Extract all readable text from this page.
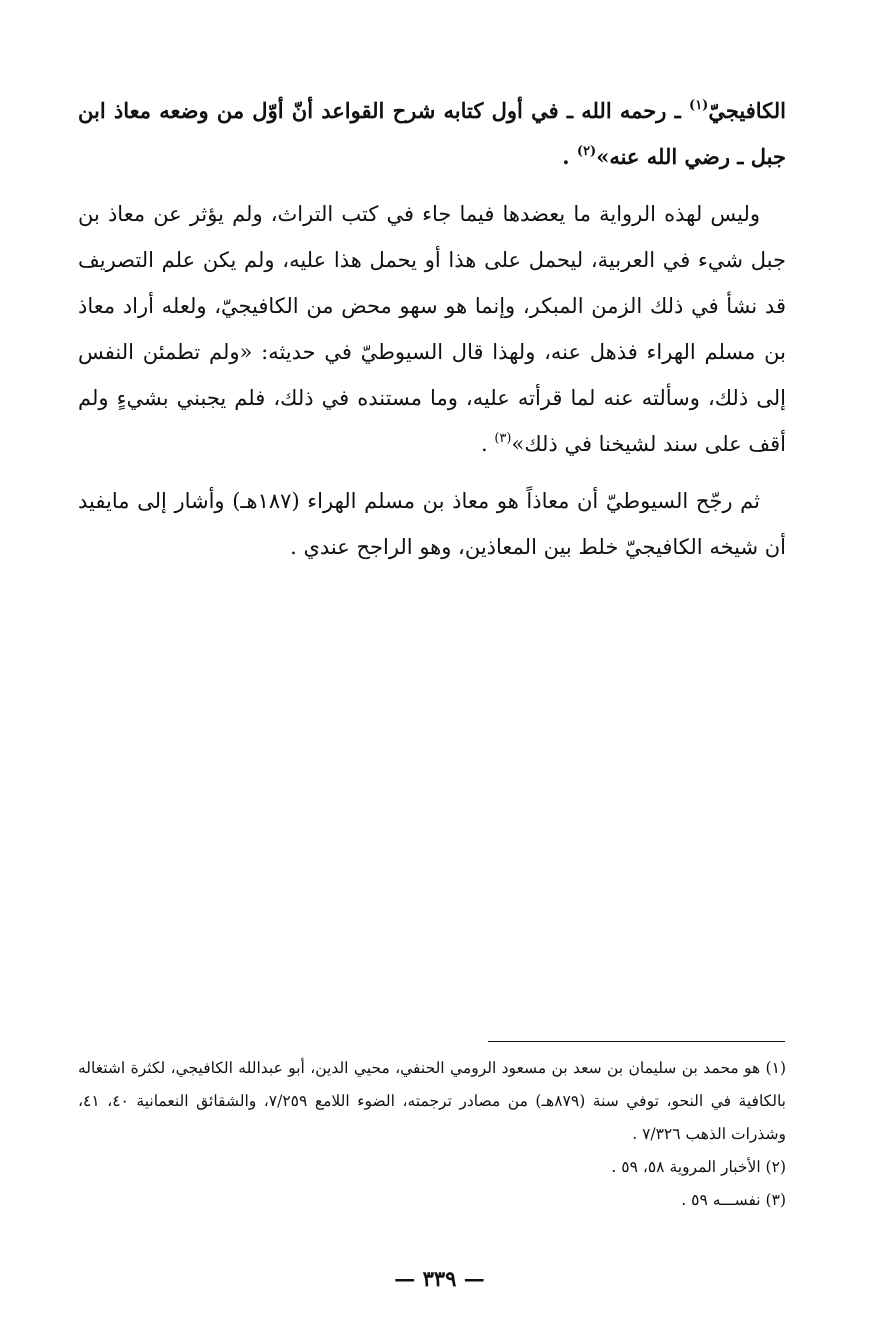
الكافيجيّ$^{(١)}$ ـ رحمه الله ـ في أول كتابه شرح القواعد أنّ أوّل من وضعه معاذ ابن جبل ـ رضي الله عنه»$^{(٢)}$ .

وليس لهذه الرواية ما يعضدها فيما جاء في كتب التراث، ولم يؤثر عن معاذ بن جبل شيء في العربية، ليحمل على هذا أو يحمل هذا عليه، ولم يكن علم التصريف قد نشأ في ذلك الزمن المبكر، وإنما هو سهو محض من الكافيجيّ، ولعله أراد معاذ بن مسلم الهراء فذهل عنه، ولهذا قال السيوطيّ في حديثه: «ولم تطمئن النفس إلى ذلك، وسألته عنه لما قرأته عليه، وما مستنده في ذلك، فلم يجبني بشيءٍ ولم أقف على سند لشيخنا في ذلك»$^{(٣)}$ .

ثم رجّح السيوطيّ أن معاذاً هو معاذ بن مسلم الهراء (١٨٧هـ) وأشار إلى مايفيد أن شيخه الكافيجيّ خلط بين المعاذين، وهو الراجح عندي .

(١) هو محمد بن سليمان بن سعد بن مسعود الرومي الحنفي، محيي الدين، أبو عبدالله الكافيجي، لكثرة اشتغاله بالكافية في النحو، توفي سنة (٨٧٩هـ) من مصادر ترجمته، الضوء اللامع ٧/٢٥٩، والشقائق النعمانية ٤٠، ٤١، وشذرات الذهب ٧/٣٢٦ .

(٢) الأخبار المروية ٥٨، ٥٩ .

(٣) نفســـه ٥٩ .

— ٣٣٩ —
